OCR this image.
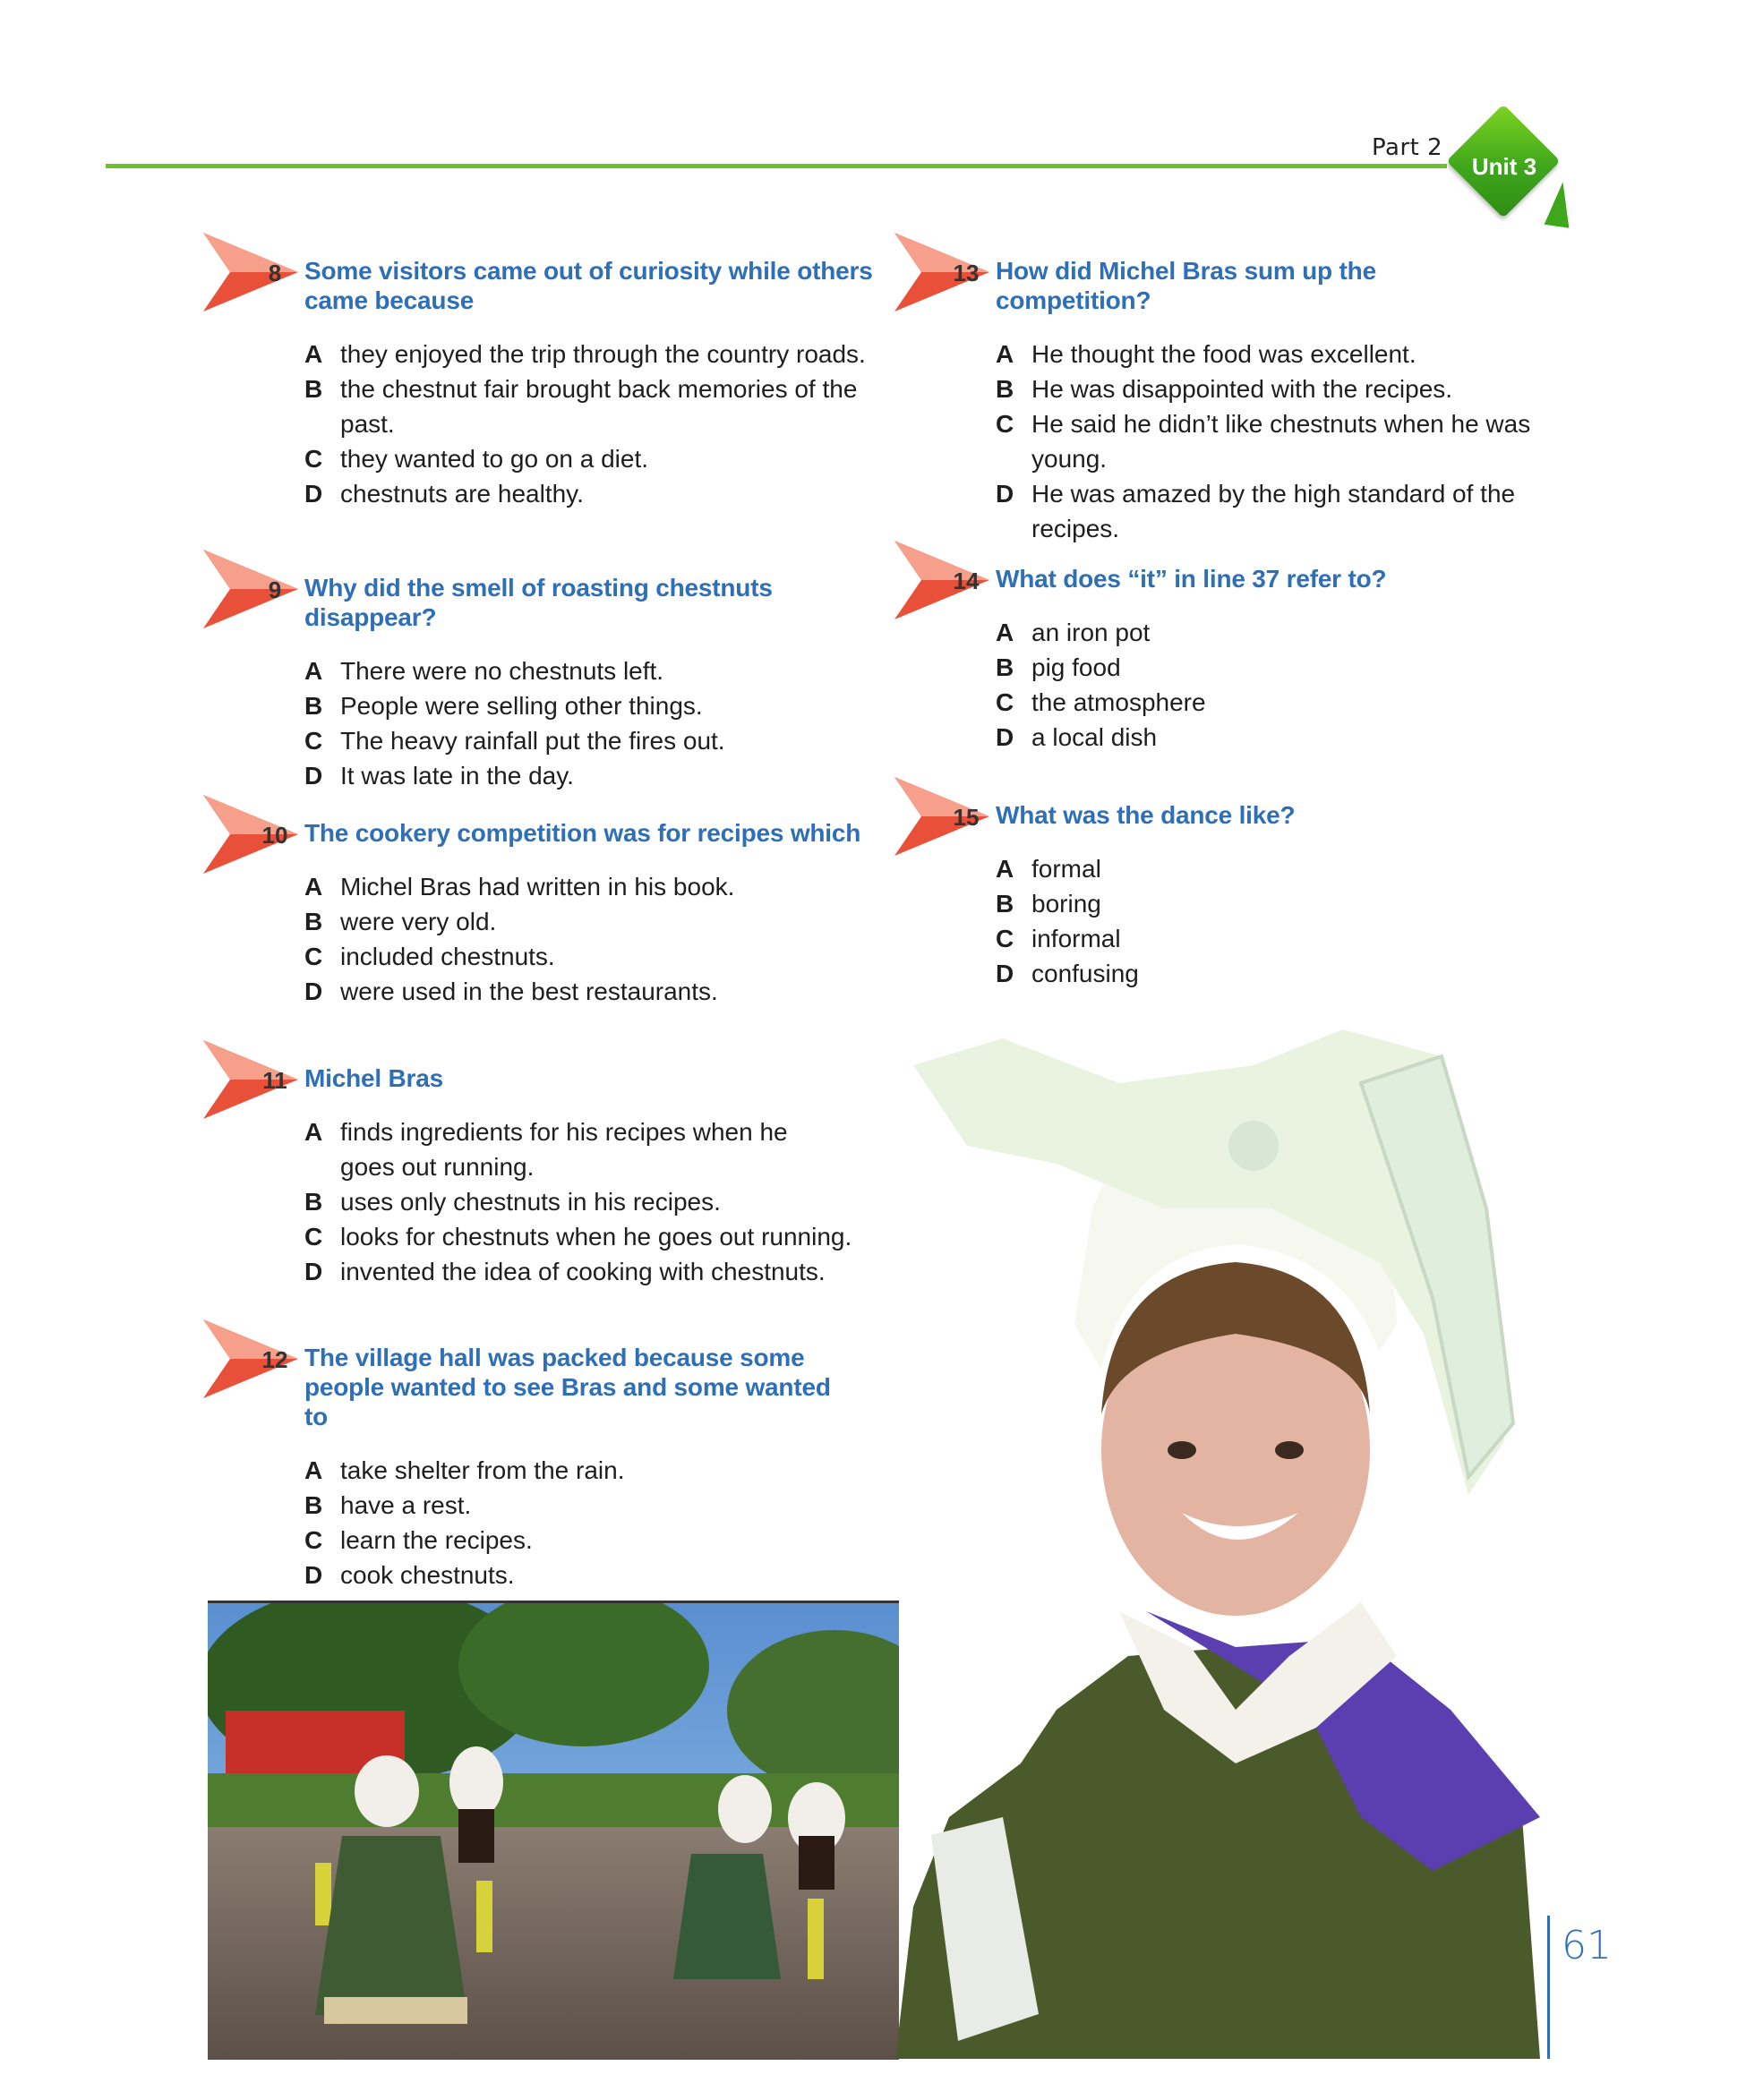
Part 2
Unit 3
8 Some visitors came out of curiosity while others came because
A they enjoyed the trip through the country roads.
B the chestnut fair brought back memories of the past.
C they wanted to go on a diet.
D chestnuts are healthy.
9 Why did the smell of roasting chestnuts disappear?
A There were no chestnuts left.
B People were selling other things.
C The heavy rainfall put the fires out.
D It was late in the day.
10 The cookery competition was for recipes which
A Michel Bras had written in his book.
B were very old.
C included chestnuts.
D were used in the best restaurants.
11 Michel Bras
A finds ingredients for his recipes when he goes out running.
B uses only chestnuts in his recipes.
C looks for chestnuts when he goes out running.
D invented the idea of cooking with chestnuts.
12 The village hall was packed because some people wanted to see Bras and some wanted to
A take shelter from the rain.
B have a rest.
C learn the recipes.
D cook chestnuts.
13 How did Michel Bras sum up the competition?
A He thought the food was excellent.
B He was disappointed with the recipes.
C He said he didn’t like chestnuts when he was young.
D He was amazed by the high standard of the recipes.
14 What does “it” in line 37 refer to?
A an iron pot
B pig food
C the atmosphere
D a local dish
15 What was the dance like?
A formal
B boring
C informal
D confusing
61
